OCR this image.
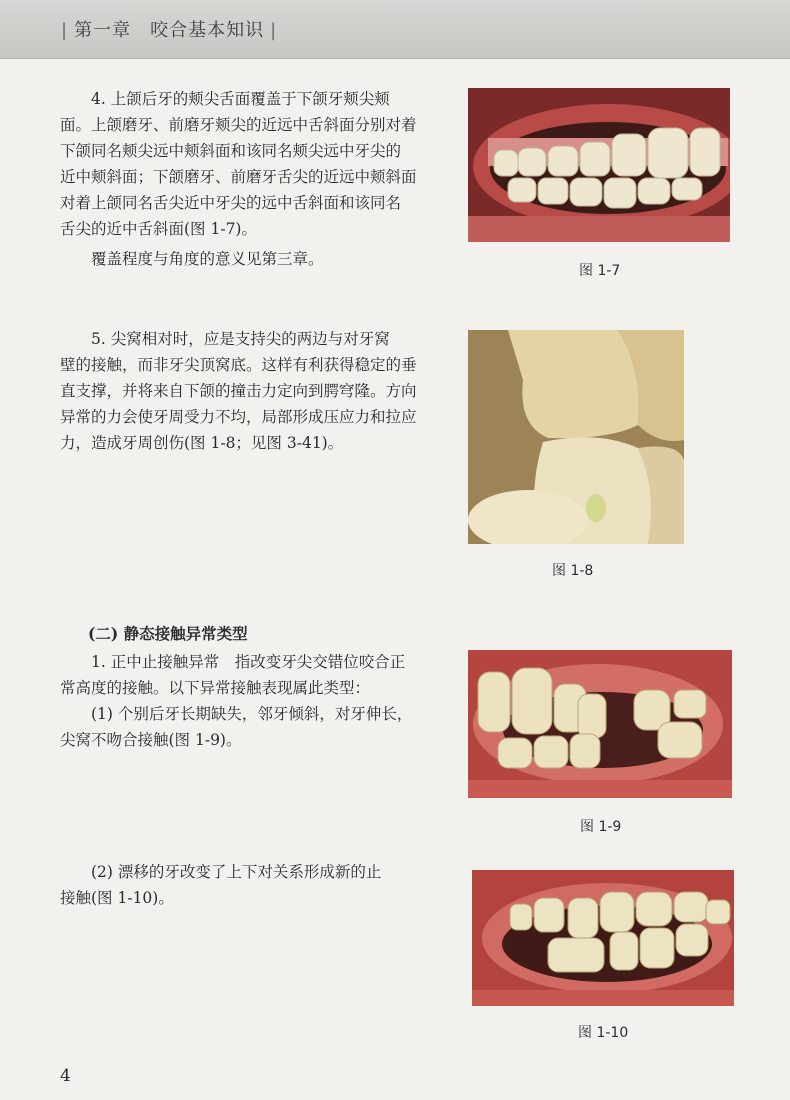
| 第一章　咬合基本知识 |
4. 上颌后牙的颊尖舌面覆盖于下颌牙颊尖颊
面。上颌磨牙、前磨牙颊尖的近远中舌斜面分别对着
下颌同名颊尖远中颊斜面和该同名颊尖远中牙尖的
近中颊斜面；下颌磨牙、前磨牙舌尖的近远中颊斜面
对着上颌同名舌尖近中牙尖的远中舌斜面和该同名
舌尖的近中舌斜面(图 1-7)。
覆盖程度与角度的意义见第三章。
5. 尖窝相对时，应是支持尖的两边与对牙窝
壁的接触，而非牙尖顶窝底。这样有利获得稳定的垂
直支撑，并将来自下颌的撞击力定向到腭穹隆。方向
异常的力会使牙周受力不均，局部形成压应力和拉应
力，造成牙周创伤(图 1-8；见图 3-41)。
(二) 静态接触异常类型
1. 正中止接触异常　指改变牙尖交错位咬合正
常高度的接触。以下异常接触表现属此类型：
(1) 个别后牙长期缺失，邻牙倾斜，对牙伸长，
尖窝不吻合接触(图 1-9)。
(2) 漂移的牙改变了上下对关系形成新的止
接触(图 1-10)。
图 1-7
图 1-8
图 1-9
图 1-10
4
